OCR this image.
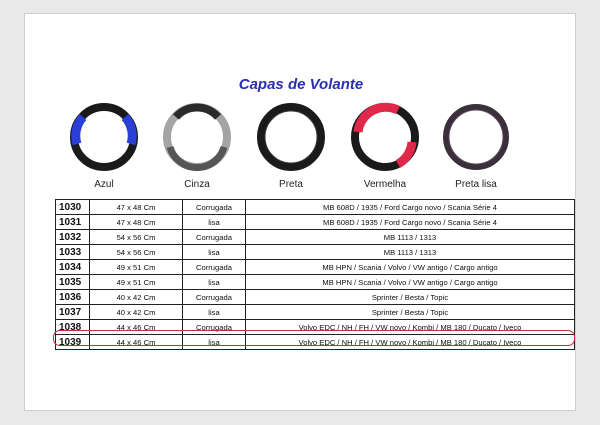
Capas de Volante
Azul	Cinza	Preta	Vermelha	Preta lisa
1030	47 x 48 Cm	Corrugada	MB 608D / 1935 / Ford Cargo novo / Scania Série 4
1031	47 x 48 Cm	lisa	MB 608D / 1935 / Ford Cargo novo / Scania Série 4
1032	54 x 56 Cm	Corrugada	MB 1113 / 1313
1033	54 x 56 Cm	lisa	MB 1113 / 1313
1034	49 x 51 Cm	Corrugada	MB HPN / Scania / Volvo / VW antigo / Cargo antigo
1035	49 x 51 Cm	lisa	MB HPN / Scania / Volvo / VW antigo / Cargo antigo
1036	40 x 42 Cm	Corrugada	Sprinter / Besta / Topic
1037	40 x 42 Cm	lisa	Sprinter / Besta / Topic
1038	44 x 46 Cm	Corrugada	Volvo EDC / NH / FH / VW novo / Kombi / MB 180 / Ducato / Iveco
1039	44 x 46 Cm	lisa	Volvo EDC / NH / FH / VW novo / Kombi / MB 180 / Ducato / Iveco
